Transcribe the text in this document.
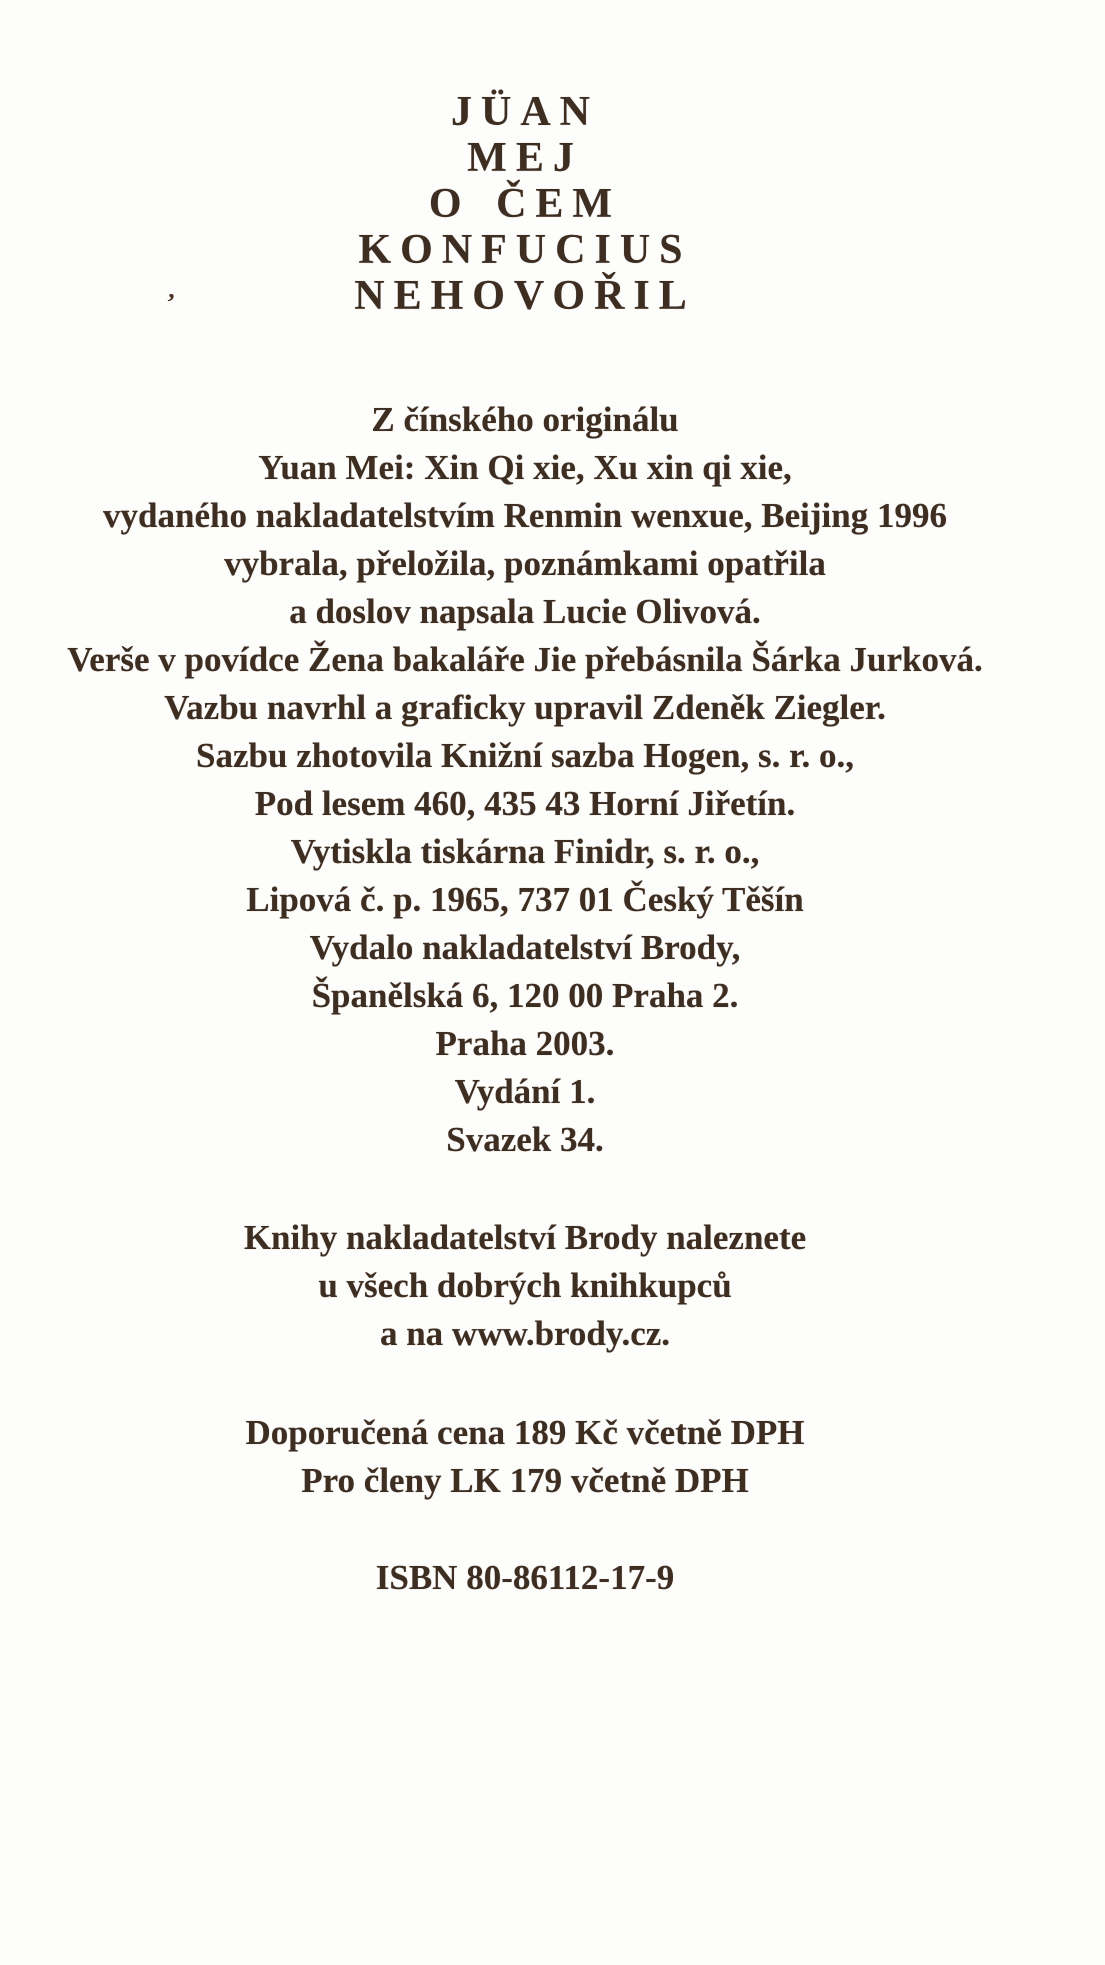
’
JÜAN
MEJ
O ČEM
KONFUCIUS
NEHOVOŘIL
Z čínského originálu
Yuan Mei: Xin Qi xie, Xu xin qi xie,
vydaného nakladatelstvím Renmin wenxue, Beijing 1996
vybrala, přeložila, poznámkami opatřila
a doslov napsala Lucie Olivová.
Verše v povídce Žena bakaláře Jie přebásnila Šárka Jurková.
Vazbu navrhl a graficky upravil Zdeněk Ziegler.
Sazbu zhotovila Knižní sazba Hogen, s. r. o.,
Pod lesem 460, 435 43 Horní Jiřetín.
Vytiskla tiskárna Finidr, s. r. o.,
Lipová č. p. 1965, 737 01 Český Těšín
Vydalo nakladatelství Brody,
Španělská 6, 120 00 Praha 2.
Praha 2003.
Vydání 1.
Svazek 34.
Knihy nakladatelství Brody naleznete
u všech dobrých knihkupců
a na www.brody.cz.
Doporučená cena 189 Kč včetně DPH
Pro členy LK 179 včetně DPH
ISBN 80-86112-17-9
